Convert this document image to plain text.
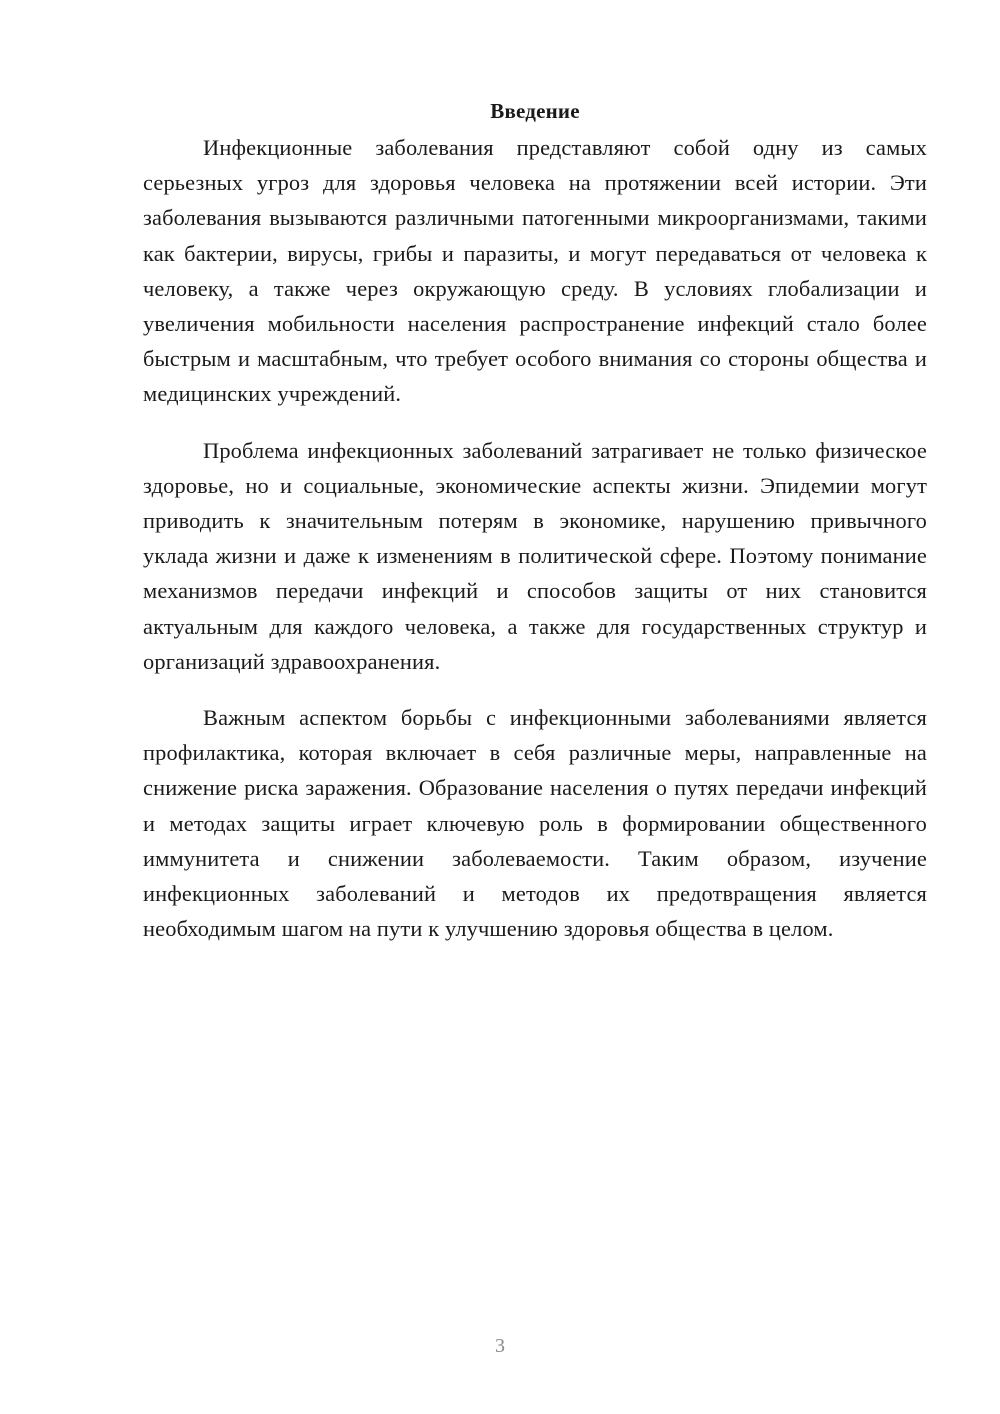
Введение

Инфекционные заболевания представляют собой одну из самых серьезных угроз для здоровья человека на протяжении всей истории. Эти заболевания вызываются различными патогенными микроорганизмами, такими как бактерии, вирусы, грибы и паразиты, и могут передаваться от человека к человеку, а также через окружающую среду. В условиях глобализации и увеличения мобильности населения распространение инфекций стало более быстрым и масштабным, что требует особого внимания со стороны общества и медицинских учреждений.

Проблема инфекционных заболеваний затрагивает не только физическое здоровье, но и социальные, экономические аспекты жизни. Эпидемии могут приводить к значительным потерям в экономике, нарушению привычного уклада жизни и даже к изменениям в политической сфере. Поэтому понимание механизмов передачи инфекций и способов защиты от них становится актуальным для каждого человека, а также для государственных структур и организаций здравоохранения.

Важным аспектом борьбы с инфекционными заболеваниями является профилактика, которая включает в себя различные меры, направленные на снижение риска заражения. Образование населения о путях передачи инфекций и методах защиты играет ключевую роль в формировании общественного иммунитета и снижении заболеваемости. Таким образом, изучение инфекционных заболеваний и методов их предотвращения является необходимым шагом на пути к улучшению здоровья общества в целом.

3
